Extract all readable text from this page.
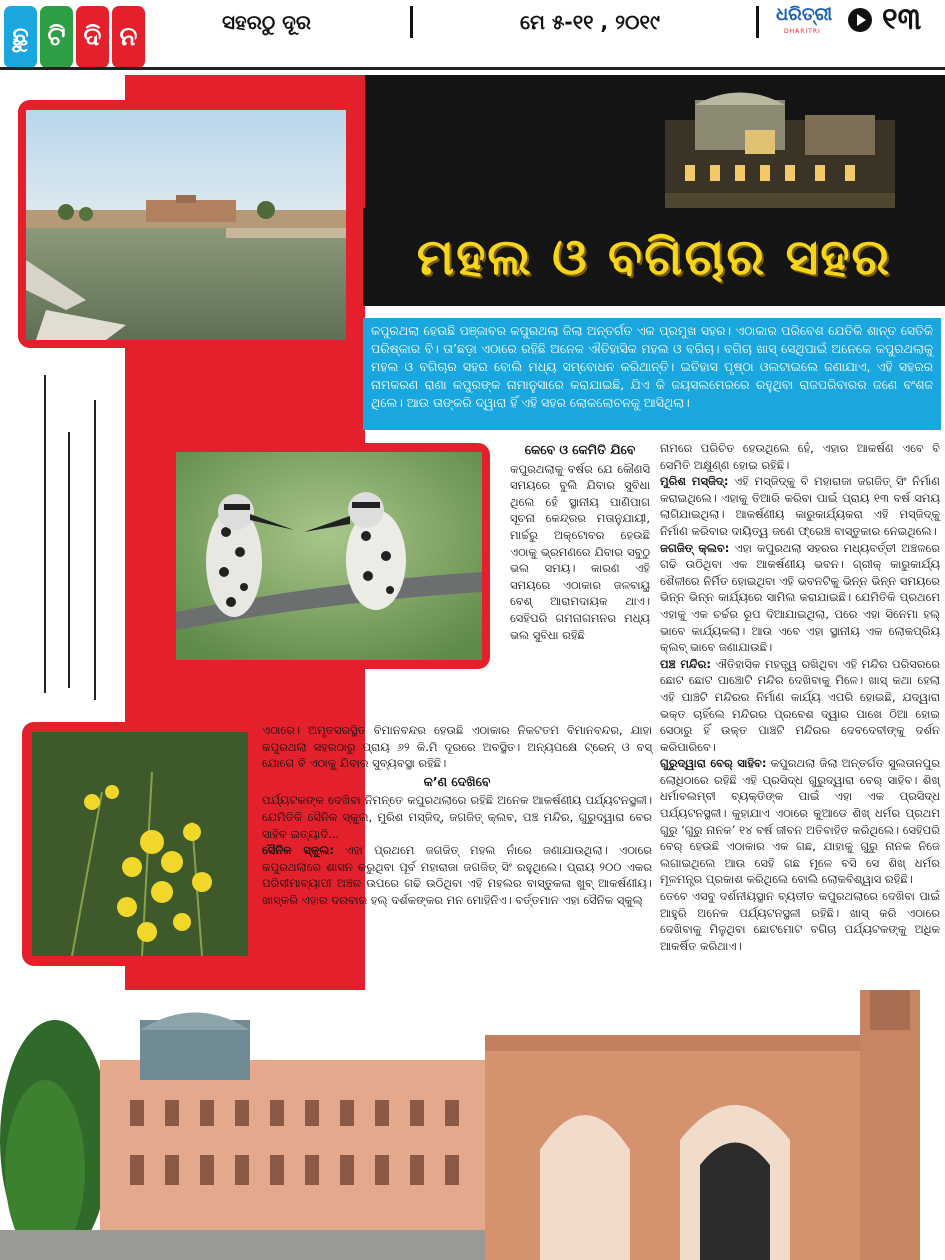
ଛୁ ଟି ଦି ନ	ସହରଠୁ ଦୂର	ମେ ୫-୧୧ , ୨୦୧୯	ଧରିତ୍ରୀ
DHARITRI ୧୩
ମହଲ ଓ ବଗିଚାର ସହର

କପୁରଥଲା ହେଉଛି ପଞ୍ଜାବର କପୁରଥଲା ଜିଲା ଅନ୍ତର୍ଗତ ଏକ ପ୍ରମୁଖ ସହର। ଏଠାକାର ପରିବେଶ ଯେତିକି ଶାନ୍ତ ସେତିକି ପରିଷ୍କାର ବି। ତା’ଛଡ଼ା ଏଠାରେ ରହିଛି ଅନେକ ଐତିହାସିକ ମହଲ ଓ ବଗିଚା। ବଗିଚା ଖାସ୍ ସେଥିପାଇଁ ଅନେକେ କପୁରଥଲାକୁ ମହଲ ଓ ବଗିଚାର ସହର ବୋଲି ମଧ୍ୟ ସମ୍ବୋଧନ କରିଥାନ୍ତି। ଇତିହାସ ପୃଷ୍ଠା ଓଲଟାଇଲେ ଜଣାଯାଏ, ଏହି ସହରର ନାମକରଣ ରାଣା କପୁରଙ୍କ ନାମାନୁସାରେ କରାଯାଇଛି, ଯିଏ କି ଜୟସଲମେରରେ ରହୁଥିବା ରାଜପରିବାରର ଜଣେ ବଂଶଜ ଥିଲେ। ଆଉ ତାଙ୍କରି ଦ୍ୱାରା ହିଁ ଏହି ସହର ଲୋକଲୋଚନକୁ ଆସିଥିଲା।

କେବେ ଓ କେମିତି ଯିବେ

କପୁରଥଲାକୁ ବର୍ଷର ଯେ କୌଣସି ସମୟରେ ବୁଲି ଯିବାର ସୁବିଧା ଥିଲେ ହେଁ ସ୍ଥାନୀୟ ପାଣିପାଗ ସୂଚନା କେନ୍ଦ୍ରର ମତାନୁଯାୟୀ, ମାର୍ଚ୍ଚରୁ ଅକ୍ଟୋବର ହେଉଛି ଏଠାକୁ ଭ୍ରମଣରେ ଯିବାର ସବୁଠୁ ଭଲ ସମୟ। କାରଣ ଏହି ସମୟରେ ଏଠାକାର ଜଳବାୟୁ ବେଶ୍ ଆରାମଦାୟକ ଥାଏ। ସେହିପରି ଗମନାଗମନର ମଧ୍ୟ ଭଲ ସୁବିଧା ରହିଛି

ଏଠାରେ। ଅମୃତସରସ୍ଥିତ ବିମାନବନ୍ଦର ହେଉଛି ଏଠାକାର ନିକଟତମ ବିମାନବନ୍ଦର, ଯାହା କପୁରଥଲା ସହରଠାରୁ ପ୍ରାୟ ୬୨ କି.ମି ଦୂରରେ ଅବସ୍ଥିତ। ଅନ୍ୟପକ୍ଷେ ଟ୍ରେନ୍ ଓ ବସ୍ ଯୋଗେ ବି ଏଠାକୁ ଯିବାର ସୁବ୍ୟବସ୍ଥା ରହିଛି।

କ’ଣ ଦେଖିବେ

ପର୍ଯ୍ୟଟକଙ୍କ ଦେଖିବା ନିମନ୍ତେ କପୁରଥଲାରେ ରହିଛି ଅନେକ ଆକର୍ଷଣୀୟ ପର୍ଯ୍ୟଟନସ୍ଥଳୀ। ଯେମିତିକି ସୈନିକ ସ୍କୁଲ, ମୁରିଶ ମସ୍‌ଜିଦ୍, ଜଗଜିତ୍ କ୍ଲବ, ପଞ୍ଚ ମନ୍ଦିର, ଗୁରୁଦ୍ୱାରା ବେର ସାହିବ ଇତ୍ୟାଦି...

ସୈନିକ ସ୍କୁଲ: ଏହା ପ୍ରଥମେ ଜଗଜିତ୍ ମହଲ ନାଁରେ ଜଣାଯାଉଥିଲା। ଏଠାରେ କପୁରଥଲାରେ ଶାସନ କରୁଥିବା ପୂର୍ବ ମହାରାଜା ଜଗଜିତ୍ ସିଂ ରହୁଥିଲେ। ପ୍ରାୟ ୨୦୦ ଏକର ପରିସୀମାବ୍ୟାପୀ ଅଞ୍ଚଳ ଉପରେ ଗଢି ଉଠିଥିବା ଏହି ମହଲର ବାସ୍ତୁକଳା ଖୁବ୍ ଆକର୍ଷଣୀୟ। ଖାସ୍‌କରି ଏହାର ଦରବାର ହଲ୍ ଦର୍ଶକଙ୍କର ମନ ମୋହିନିଏ। ବର୍ତ୍ତମାନ ଏହା ସୈନିକ ସ୍କୁଲ୍

ନାମରେ ପରିଚିତ ହେଉଥିଲେ ହେଁ, ଏହାର ଆକର୍ଷଣ ଏବେ ବି ସେମିତି ଅକ୍ଷୁଣ୍ଣ ହୋଇ ରହିଛି।

ମୁରିଶ ମସ୍‌ଜିଦ୍: ଏହି ମସ୍‌ଜିଦ୍‌କୁ ବି ମହାରାଜା ଜଗଜିତ୍ ସିଂ ନିର୍ମାଣ କରାଇଥିଲେ। ଏହାକୁ ତିଆରି କରିବା ପାଇଁ ପ୍ରାୟ ୧୩ ବର୍ଷ ସମୟ ଲାଗିଯାଇଥିଲା। ଆକର୍ଷଣୀୟ କାରୁକାର୍ଯ୍ୟକରା ଏହି ମସ୍‌ଜିଦ୍‌କୁ ନିର୍ମାଣ କରିବାର ଦାୟିତ୍ୱ ଜଣେ ଫ୍ରେଞ୍ଚ ବାସ୍ତୁକାର ନେଇଥିଲେ।

ଜଗଜିତ୍ କ୍ଲବ: ଏହା କପୁରଥଲା ସହରର ମଧ୍ୟବର୍ତ୍ତୀ ଅଞ୍ଚଳରେ ଗଢି ଉଠିଥିବା ଏକ ଆକର୍ଷଣୀୟ ଭବନ। ଗ୍ରୀକ୍ କାରୁକାର୍ଯ୍ୟ ଶୈଳୀରେ ନିର୍ମିତ ହୋଇଥିବା ଏହି ଭବନଟିକୁ ଭିନ୍ନ ଭିନ୍ନ ସମୟରେ ଭିନ୍ନ ଭିନ୍ନ କାର୍ଯ୍ୟରେ ସାମିଲ କରାଯାଇଛି। ଯେମିତିକି ପ୍ରଥମେ ଏହାକୁ ଏକ ଚର୍ଚ୍ଚର ରୂପ ଦିଆଯାଇଥିଲା, ପରେ ଏହା ସିନେମା ହଲ୍ ଭାବେ କାର୍ଯ୍ୟକଲା। ଆଉ ଏବେ ଏହା ସ୍ଥାନୀୟ ଏକ ଲୋକପ୍ରିୟ କ୍ଲବ୍ ଭାବେ ଜଣାଯାଉଛି।

ପଞ୍ଚ ମନ୍ଦିର: ଐତିହାସିକ ମହତ୍ତ୍ୱ ରଖିଥିବା ଏହି ମନ୍ଦିର ପରିସରରେ ଛୋଟ ଛୋଟ ପାଞ୍ଚୋଟି ମନ୍ଦିର ଦେଖିବାକୁ ମିଳେ। ଖାସ୍ କଥା ହେଲା ଏହି ପାଞ୍ଚଟି ମନ୍ଦିରର ନିର୍ମାଣ କାର୍ଯ୍ୟ ଏପରି ହୋଇଛି, ଯଦ୍ୱାରା ଭକ୍ତ ଚାହିଁଲେ ମନ୍ଦିରର ପ୍ରବେଶ ଦ୍ୱାର ପାଖେ ଠିଆ ହୋଇ ସେଠାରୁ ହିଁ ଉକ୍ତ ପାଞ୍ଚଟି ମନ୍ଦିରର ଦେବଦେବୀଙ୍କୁ ଦର୍ଶନ କରିପାରିବେ।

ଗୁରୁଦ୍ୱାରା ବେର୍ ସାହିବ: କପୁରଥଲା ଜିଲା ଅନ୍ତର୍ଗତ ସୁଲତାନପୁର ଲୋଧିଠାରେ ରହିଛି ଏହି ପ୍ରସିଦ୍ଧ ଗୁରୁଦ୍ୱାରା ବେର୍ ସାହିବ। ଶିଖ୍ ଧର୍ମାବଲମ୍ବୀ ବ୍ୟକ୍ତିଙ୍କ ପାଇଁ ଏହା ଏକ ପ୍ରସିଦ୍ଧ ପର୍ଯ୍ୟଟନସ୍ଥଳୀ। କୁହାଯାଏ ଏଠାରେ କୁଆଡେ ଶିଖ୍ ଧର୍ମର ପ୍ରଥମ ଗୁରୁ ‘ଗୁରୁ ନାନକ’ ୧୪ ବର୍ଷ ଜୀବନ ଅତିବାହିତ କରିଥିଲେ। ସେହିପରି ବେର୍ ହେଉଛି ଏଠାକାର ଏକ ଗଛ, ଯାହାକୁ ଗୁରୁ ନାନକ ନିଜେ ଲଗାଇଥିଲେ ଆଉ ସେହି ଗଛ ମୂଳେ ବସି ସେ ଶିଖ୍ ଧର୍ମର ମୂଳମନ୍ତ୍ର ପ୍ରକାଶ କରିଥିଲେ ବୋଲି ଲୋକବିଶ୍ୱାସ ରହିଛି।

ତେବେ ଏସବୁ ଦର୍ଶନୀୟସ୍ଥାନ ବ୍ୟତୀତ କପୁରଥଲାରେ ଦେଖିବା ପାଇଁ ଆହୁରି ଅନେକ ପର୍ଯ୍ୟଟନସ୍ଥଳୀ ରହିଛି। ଖାସ୍ କରି ଏଠାରେ ଦେଖିବାକୁ ମିଳୁଥିବା ଛୋଟମୋଟ ବଗିଚା ପର୍ଯ୍ୟଟକଙ୍କୁ ଅଧିକ ଆକର୍ଷିତ କରିଥାଏ।
